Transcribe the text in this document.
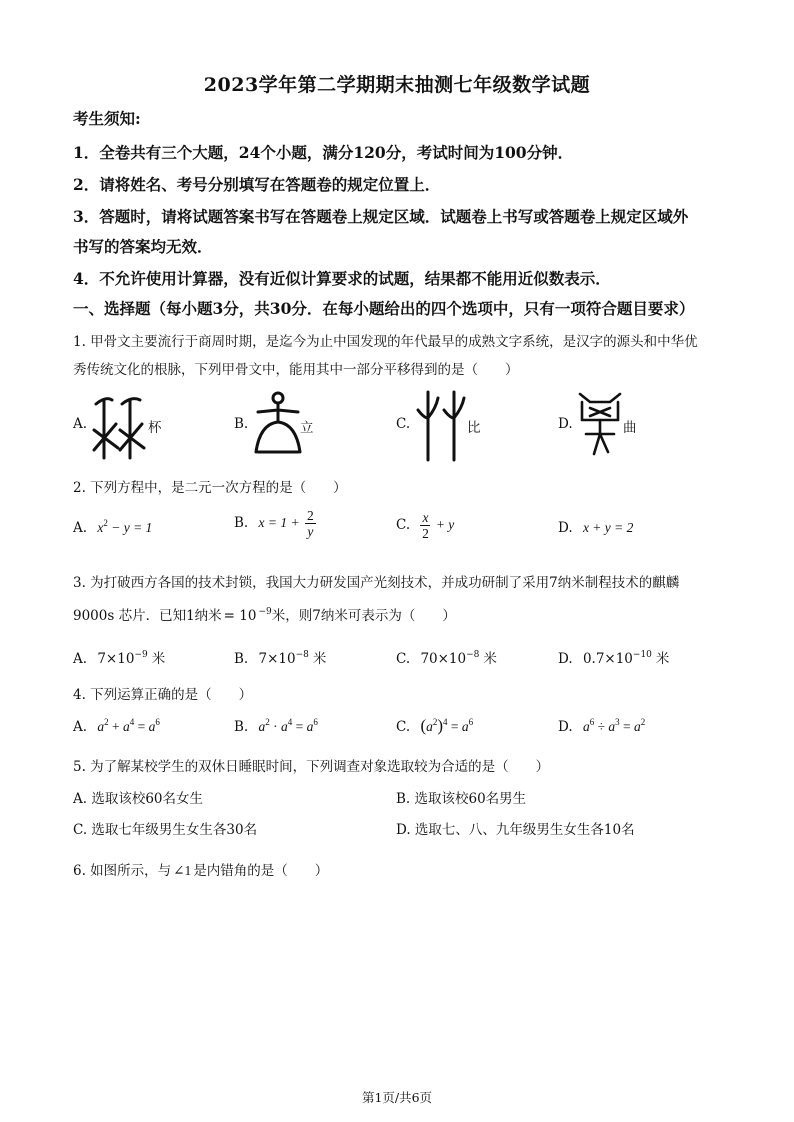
2023学年第二学期期末抽测七年级数学试题
考生须知:
1．全卷共有三个大题，24个小题，满分120分，考试时间为100分钟．
2．请将姓名、考号分别填写在答题卷的规定位置上．
3．答题时，请将试题答案书写在答题卷上规定区域．试题卷上书写或答题卷上规定区域外
书写的答案均无效．
4．不允许使用计算器，没有近似计算要求的试题，结果都不能用近似数表示．
一、选择题（每小题3分，共30分．在每小题给出的四个选项中，只有一项符合题目要求）
1. 甲骨文主要流行于商周时期，是迄今为止中国发现的年代最早的成熟文字系统，是汉字的源头和中华优
秀传统文化的根脉，下列甲骨文中，能用其中一部分平移得到的是（　　）
A.	杯	B.	立	C.	比	D.	曲
2. 下列方程中，是二元一次方程的是（　　）
A. $x^2 - y = 1$	B. $x = 1 + \frac{2}{y}$	C. $\frac{x}{2} + y$	D. x + y = 2
3. 为打破西方各国的技术封锁，我国大力研发国产光刻技术，并成功研制了采用7纳米制程技术的麒麟
9000s 芯片．已知1纳米 = 10 $^{-9}$米，则7纳米可表示为（　　）
A. $7\times 10^{-9}$ 米	B. $7\times 10^{-8}$ 米	C. $70\times 10^{-8}$ 米	D. $0.7\times 10^{-10}$ 米
4. 下列运算正确的是（　　）
A. $a^2 + a^4 = a^6$	B. $a^2 \cdot a^4 = a^6$	C. $(a^2)^4 = a^6$	D. $a^6 \div a^3 = a^2$
5. 为了解某校学生的双休日睡眠时间，下列调查对象选取较为合适的是（　　）
A. 选取该校60名女生	B. 选取该校60名男生
C. 选取七年级男生女生各30名	D. 选取七、八、九年级男生女生各10名
6. 如图所示，与 ∠1 是内错角的是（　　）
第1页/共6页
